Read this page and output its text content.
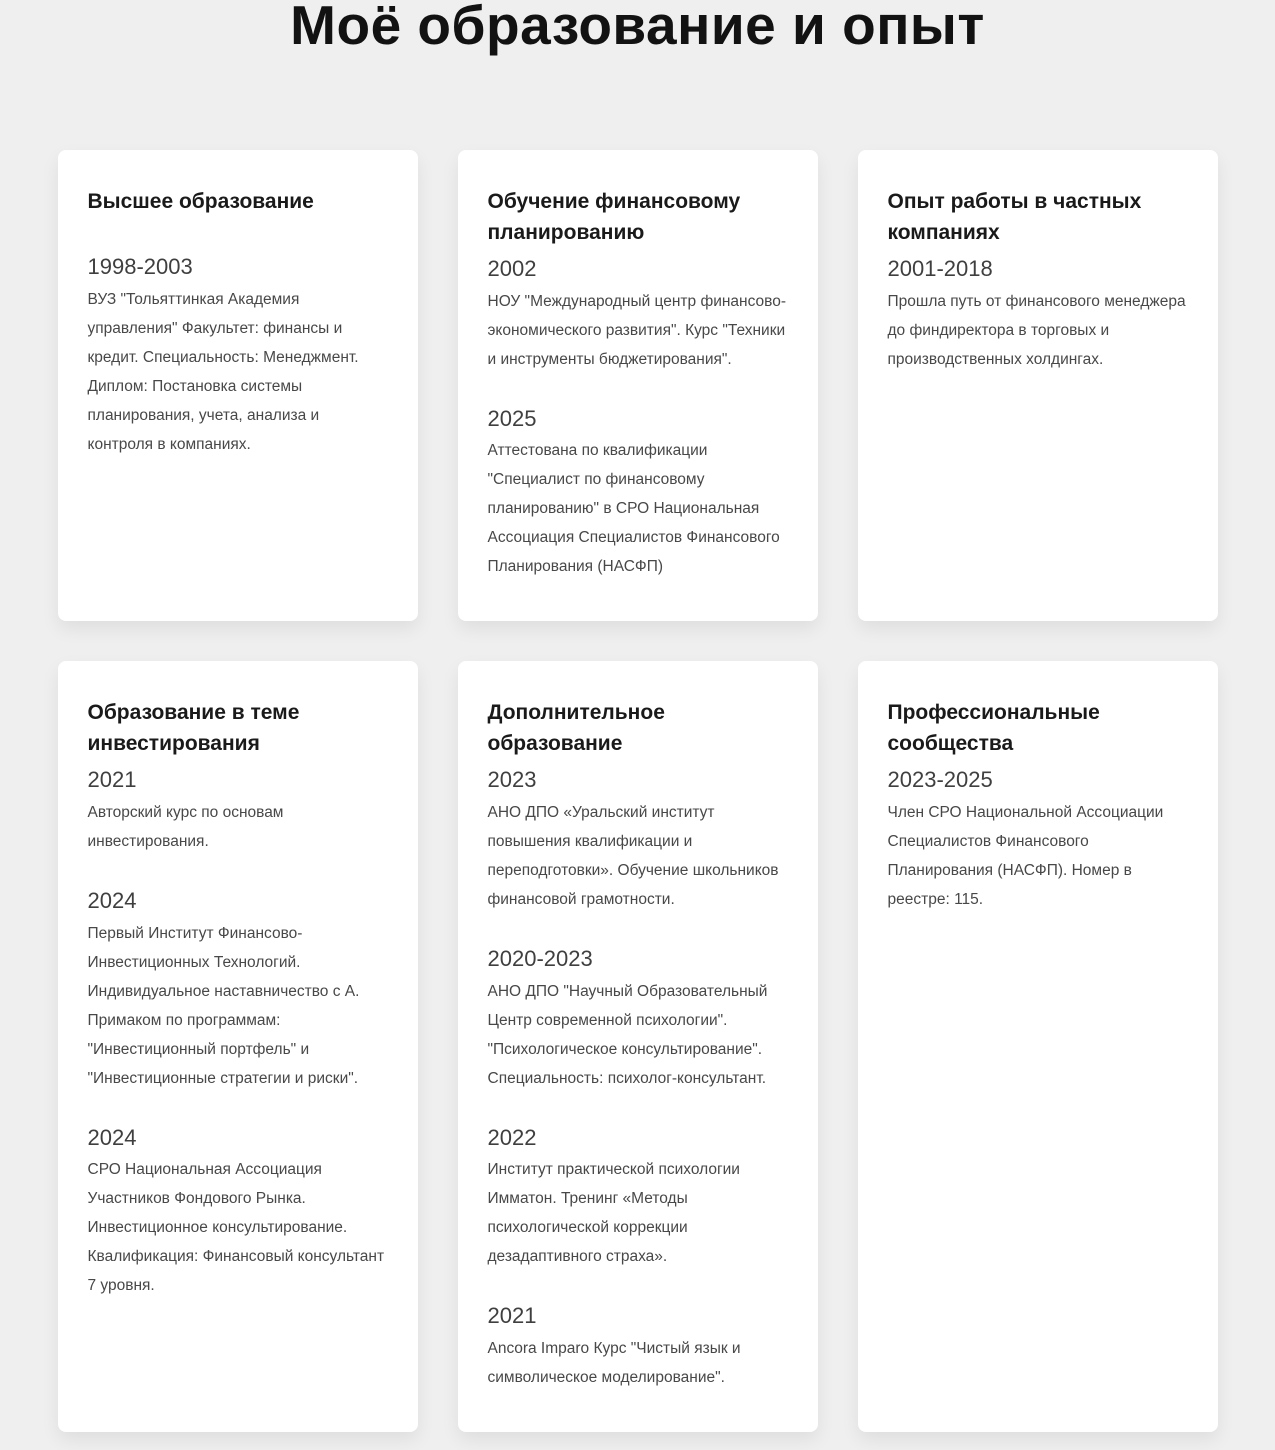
Моё образование и опыт
Высшее образование
1998-2003
ВУЗ "Тольяттинкая Академия управления" Факультет: финансы и кредит. Специальность: Менеджмент. Диплом: Постановка системы планирования, учета, анализа и контроля в компаниях.
Обучение финансовому планированию
2002
НОУ "Международный центр финансово-экономического развития". Курс "Техники и инструменты бюджетирования".
2025
Аттестована по квалификации "Специалист по финансовому планированию" в СРО Национальная Ассоциация Специалистов Финансового Планирования (НАСФП)
Опыт работы в частных компаниях
2001-2018
Прошла путь от финансового менеджера до финдиректора в торговых и производственных холдингах.
Образование в теме инвестирования
2021
Авторский курс по основам инвестирования.
2024
Первый Институт Финансово-Инвестиционных Технологий. Индивидуальное наставничество с А. Примаком по программам: "Инвестиционный портфель" и "Инвестиционные стратегии и риски".
2024
СРО Национальная Ассоциация Участников Фондового Рынка. Инвестиционное консультирование. Квалификация: Финансовый консультант 7 уровня.
Дополнительное образование
2023
АНО ДПО «Уральский институт повышения квалификации и переподготовки». Обучение школьников финансовой грамотности.
2020-2023
АНО ДПО "Научный Образовательный Центр современной психологии". "Психологическое консультирование". Специальность: психолог-консультант.
2022
Институт практической психологии Имматон. Тренинг «Методы психологической коррекции дезадаптивного страха».
2021
Ancora Imparo Курс "Чистый язык и символическое моделирование".
Профессиональные сообщества
2023-2025
Член СРО Национальной Ассоциации Специалистов Финансового Планирования (НАСФП). Номер в реестре: 115.
